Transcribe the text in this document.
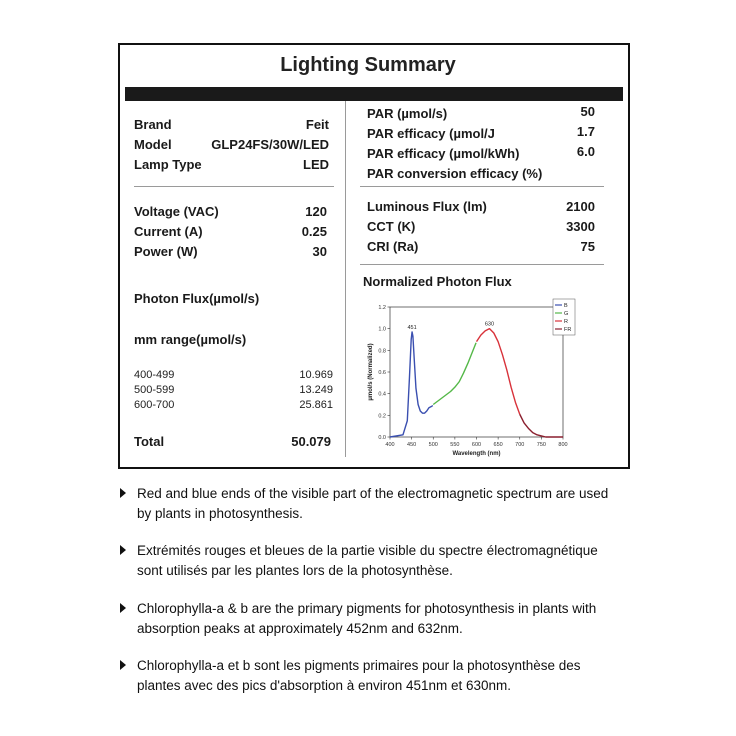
Lighting Summary
Brand	Feit
Model	GLP24FS/30W/LED
Lamp Type	LED
Voltage (VAC)	120
Current (A)	0.25
Power (W)	30
Photon Flux(µmol/s)
mm range(µmol/s)
400-499	10.969
500-599	13.249
600-700	25.861
Total	50.079
PAR (µmol/s)	50
PAR efficacy (µmol/J	1.7
PAR efficacy (µmol/kWh)	6.0
PAR conversion efficacy (%)
Luminous Flux (lm)	2100
CCT (K)	3300
CRI (Ra)	75
Normalized Photon Flux
µmol/s (Normalized)
Wavelength (nm)
400 450 500 550 600 650 700 750 800
0.0
0.2
0.4
0.6
0.8
1.0
1.2
451
630
B
G
R
FR
Red and blue ends of the visible part of the electromagnetic spectrum are used by plants in photosynthesis.
Extrémités rouges et bleues de la partie visible du spectre électromagnétique sont utilisés par les plantes lors de la photosynthèse.
Chlorophylla-a & b are the primary pigments for photosynthesis in plants with absorption peaks at approximately 452nm and 632nm.
Chlorophylla-a et b sont les pigments primaires pour la photosynthèse des plantes avec des pics d'absorption à environ 451nm et 630nm.
